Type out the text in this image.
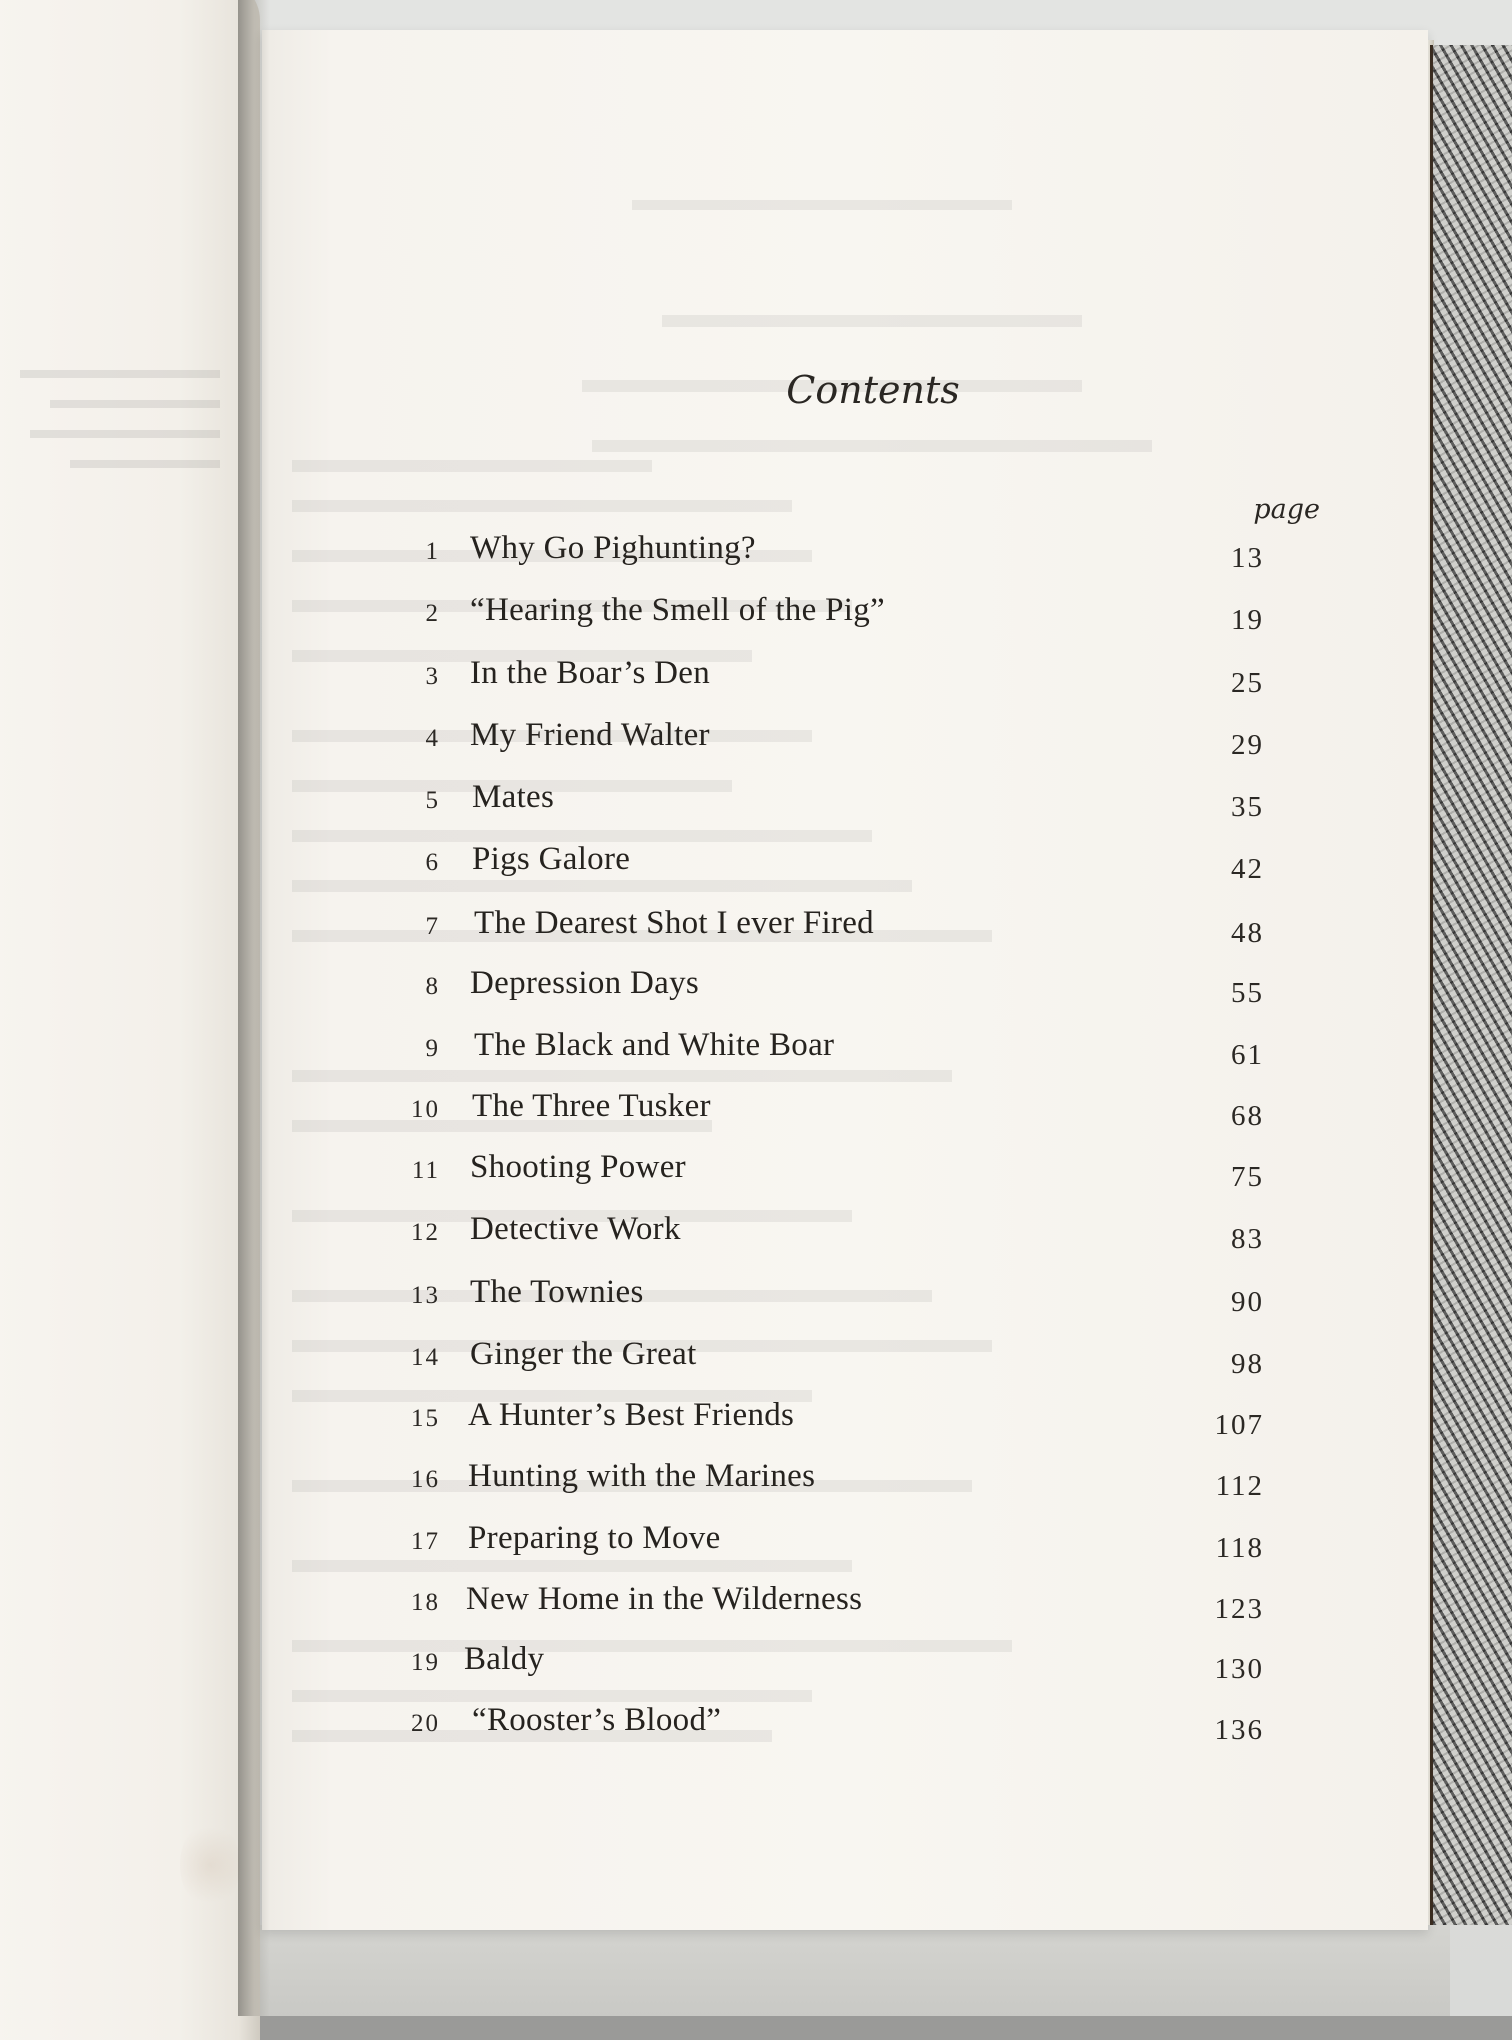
Contents
page
1 Why Go Pighunting?	13
2 “Hearing the Smell of the Pig”	19
3 In the Boar’s Den	25
4 My Friend Walter	29
5 Mates	35
6 Pigs Galore	42
7 The Dearest Shot I ever Fired	48
8 Depression Days	55
9 The Black and White Boar	61
10 The Three Tusker	68
11 Shooting Power	75
12 Detective Work	83
13 The Townies	90
14 Ginger the Great	98
15 A Hunter’s Best Friends	107
16 Hunting with the Marines	112
17 Preparing to Move	118
18 New Home in the Wilderness	123
19 Baldy	130
20 “Rooster’s Blood”	136
